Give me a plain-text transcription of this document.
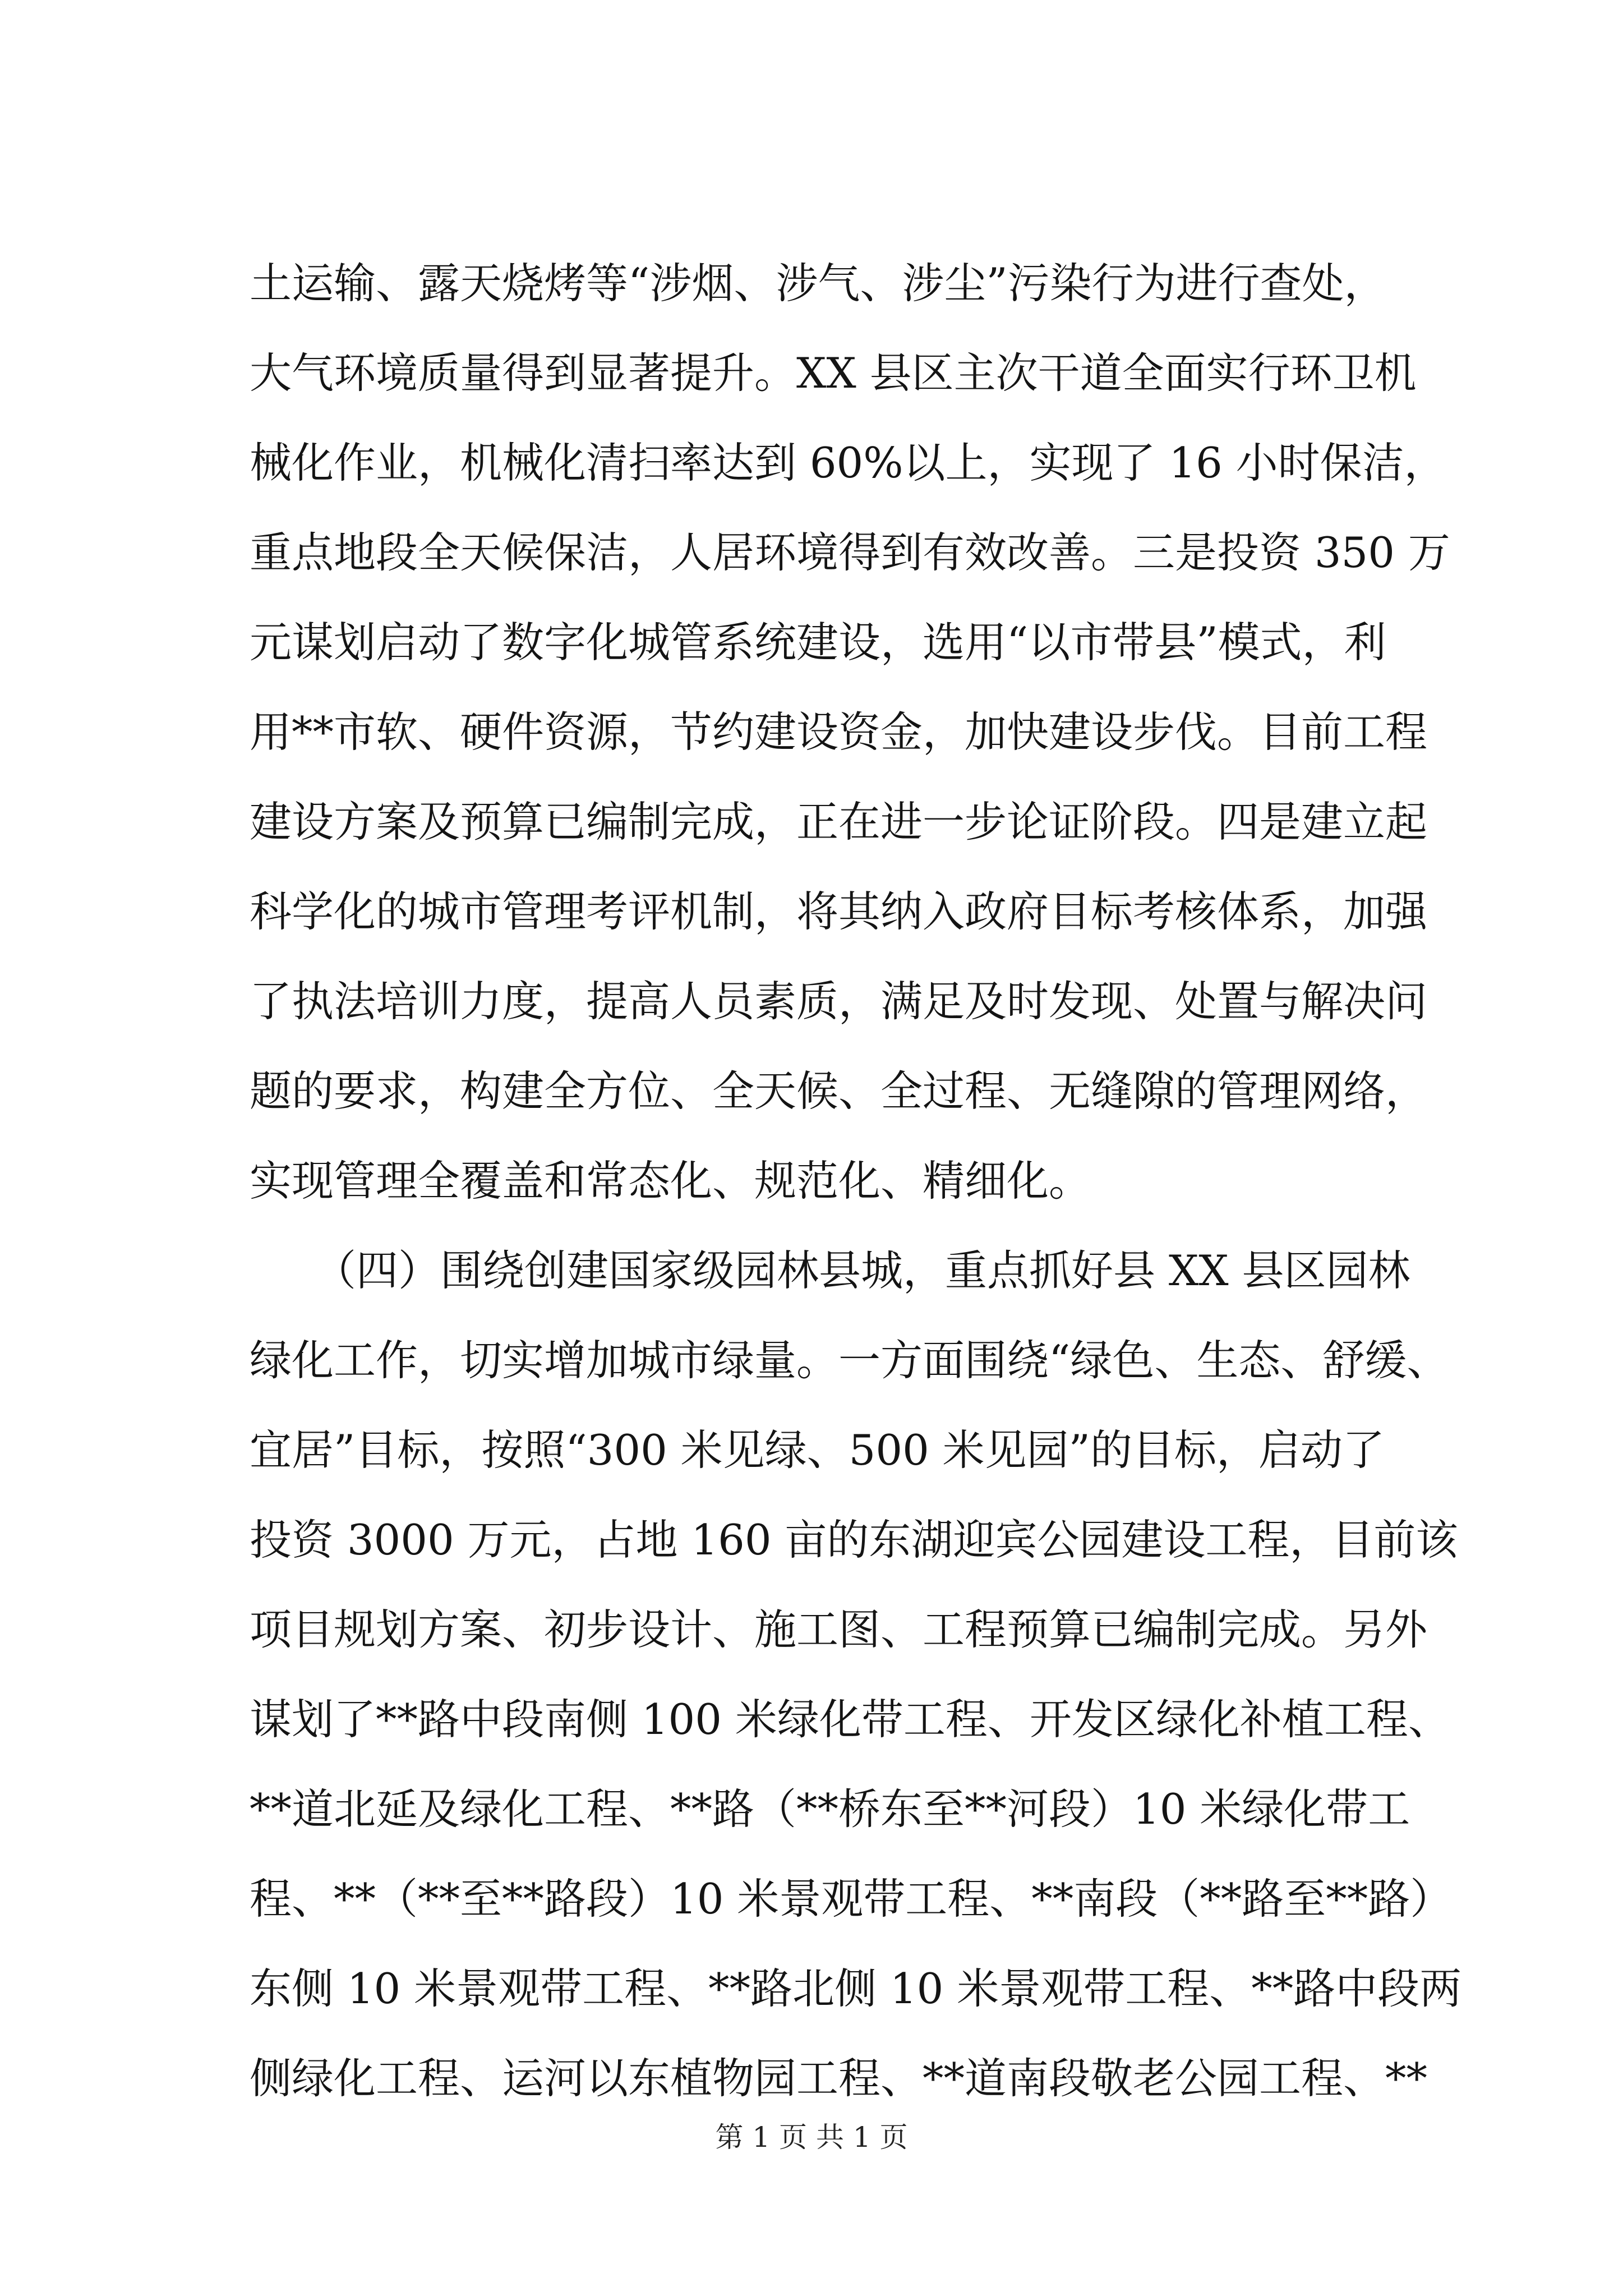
土运输、露天烧烤等“涉烟、涉气、涉尘”污染行为进行查处，

大气环境质量得到显著提升。XX 县区主次干道全面实行环卫机

械化作业，机械化清扫率达到 60%以上，实现了 16 小时保洁，

重点地段全天候保洁，人居环境得到有效改善。三是投资 350 万

元谋划启动了数字化城管系统建设，选用“以市带县”模式，利

用**市软、硬件资源，节约建设资金，加快建设步伐。目前工程

建设方案及预算已编制完成，正在进一步论证阶段。四是建立起

科学化的城市管理考评机制，将其纳入政府目标考核体系，加强

了执法培训力度，提高人员素质，满足及时发现、处置与解决问

题的要求，构建全方位、全天候、全过程、无缝隙的管理网络，

实现管理全覆盖和常态化、规范化、精细化。

（四）围绕创建国家级园林县城，重点抓好县 XX 县区园林

绿化工作，切实增加城市绿量。一方面围绕“绿色、生态、舒缓、

宜居”目标，按照“300 米见绿、500 米见园”的目标，启动了

投资 3000 万元，占地 160 亩的东湖迎宾公园建设工程，目前该

项目规划方案、初步设计、施工图、工程预算已编制完成。另外

谋划了**路中段南侧 100 米绿化带工程、开发区绿化补植工程、

**道北延及绿化工程、**路（**桥东至**河段）10 米绿化带工

程、**（**至**路段）10 米景观带工程、**南段（**路至**路）

东侧 10 米景观带工程、**路北侧 10 米景观带工程、**路中段两

侧绿化工程、运河以东植物园工程、**道南段敬老公园工程、**

第 1 页 共 1 页
